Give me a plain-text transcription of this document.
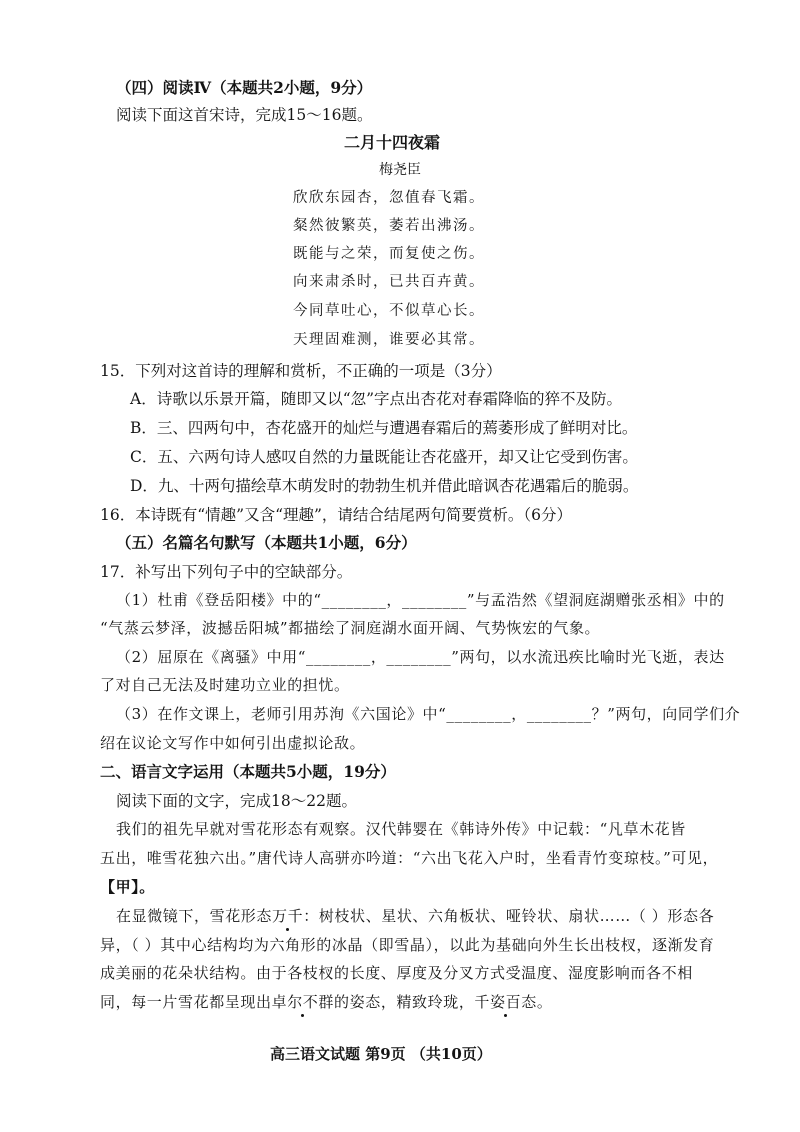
（四）阅读Ⅳ（本题共2小题，9分）
阅读下面这首宋诗，完成15～16题。
二月十四夜霜
梅尧臣
欣欣东园杏，忽值春飞霜。
粲然彼繁英，萎若出沸汤。
既能与之荣，而复使之伤。
向来肃杀时，已共百卉黄。
今同草吐心，不似草心长。
天理固难测，谁要必其常。
15．下列对这首诗的理解和赏析，不正确的一项是（3分）
A．诗歌以乐景开篇，随即又以“忽”字点出杏花对春霜降临的猝不及防。
B．三、四两句中，杏花盛开的灿烂与遭遇春霜后的蔫萎形成了鲜明对比。
C．五、六两句诗人感叹自然的力量既能让杏花盛开，却又让它受到伤害。
D．九、十两句描绘草木萌发时的勃勃生机并借此暗讽杏花遇霜后的脆弱。
16．本诗既有“情趣”又含“理趣”，请结合结尾两句简要赏析。（6分）
（五）名篇名句默写（本题共1小题，6分）
17．补写出下列句子中的空缺部分。
（1）杜甫《登岳阳楼》中的“________，________”与孟浩然《望洞庭湖赠张丞相》中的
“气蒸云梦泽，波撼岳阳城”都描绘了洞庭湖水面开阔、气势恢宏的气象。
（2）屈原在《离骚》中用“________，________”两句，以水流迅疾比喻时光飞逝，表达
了对自己无法及时建功立业的担忧。
（3）在作文课上，老师引用苏洵《六国论》中“________，________？”两句，向同学们介
绍在议论文写作中如何引出虚拟论敌。
二、语言文字运用（本题共5小题，19分）
阅读下面的文字，完成18～22题。
我们的祖先早就对雪花形态有观察。汉代韩婴在《韩诗外传》中记载：“凡草木花皆
五出，唯雪花独六出。”唐代诗人高骈亦吟道：“六出飞花入户时，坐看青竹变琼枝。”可见，
【甲】。
在显微镜下，雪花形态万千：树枝状、星状、六角板状、哑铃状、扇状……（ ）形态各
异，（ ）其中心结构均为六角形的冰晶（即雪晶），以此为基础向外生长出枝杈，逐渐发育
成美丽的花朵状结构。由于各枝杈的长度、厚度及分叉方式受温度、湿度影响而各不相
同，每一片雪花都呈现出卓尔不群的姿态，精致玲珑，千姿百态。
高三语文试题 第9页 （共10页）
